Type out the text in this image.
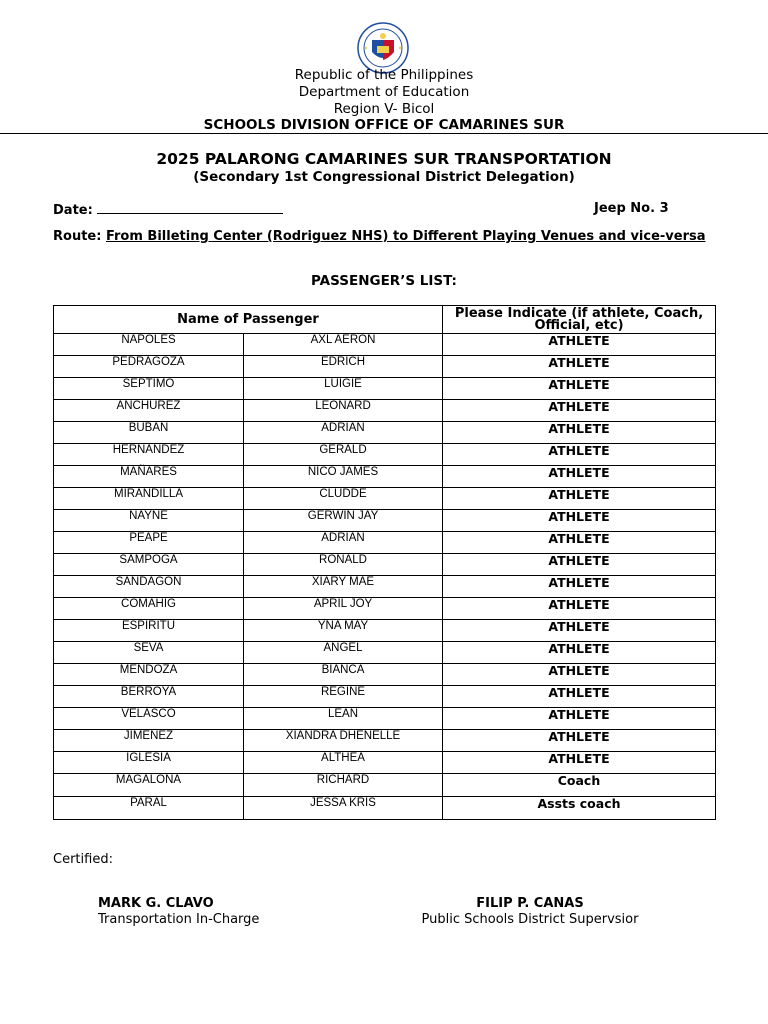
Republic of the Philippines
Department of Education
Region V- Bicol
SCHOOLS DIVISION OFFICE OF CAMARINES SUR
2025 PALARONG CAMARINES SUR TRANSPORTATION
(Secondary 1st Congressional District Delegation)
Date:	Jeep No. 3
Route: From Billeting Center (Rodriguez NHS) to Different Playing Venues and vice-versa
PASSENGER’S LIST:
Name of Passenger		Please Indicate (if athlete, Coach, Official, etc)
NAPOLES	AXL AERON	ATHLETE
PEDRAGOZA	EDRICH	ATHLETE
SEPTIMO	LUIGIE	ATHLETE
ANCHUREZ	LEONARD	ATHLETE
BUBAN	ADRIAN	ATHLETE
HERNANDEZ	GERALD	ATHLETE
MAÑARES	NICO JAMES	ATHLETE
MIRANDILLA	CLUDDE	ATHLETE
NAYNE	GERWIN JAY	ATHLETE
PEAPE	ADRIAN	ATHLETE
SAMPOGA	RONALD	ATHLETE
SANDAGON	XIARY MAE	ATHLETE
COMAHIG	APRIL JOY	ATHLETE
ESPIRITU	YNA MAY	ATHLETE
SEVA	ANGEL	ATHLETE
MENDOZA	BIANCA	ATHLETE
BERROYA	REGINE	ATHLETE
VELASCO	LEAN	ATHLETE
JIMENEZ	XIANDRA DHENELLE	ATHLETE
IGLESIA	ALTHEA	ATHLETE
MAGALONA	RICHARD	Coach
PARAL	JESSA KRIS	Assts coach
Certified:
MARK G. CLAVO
Transportation In-Charge
FILIP P. CANAS
Public Schools District Supervsior
